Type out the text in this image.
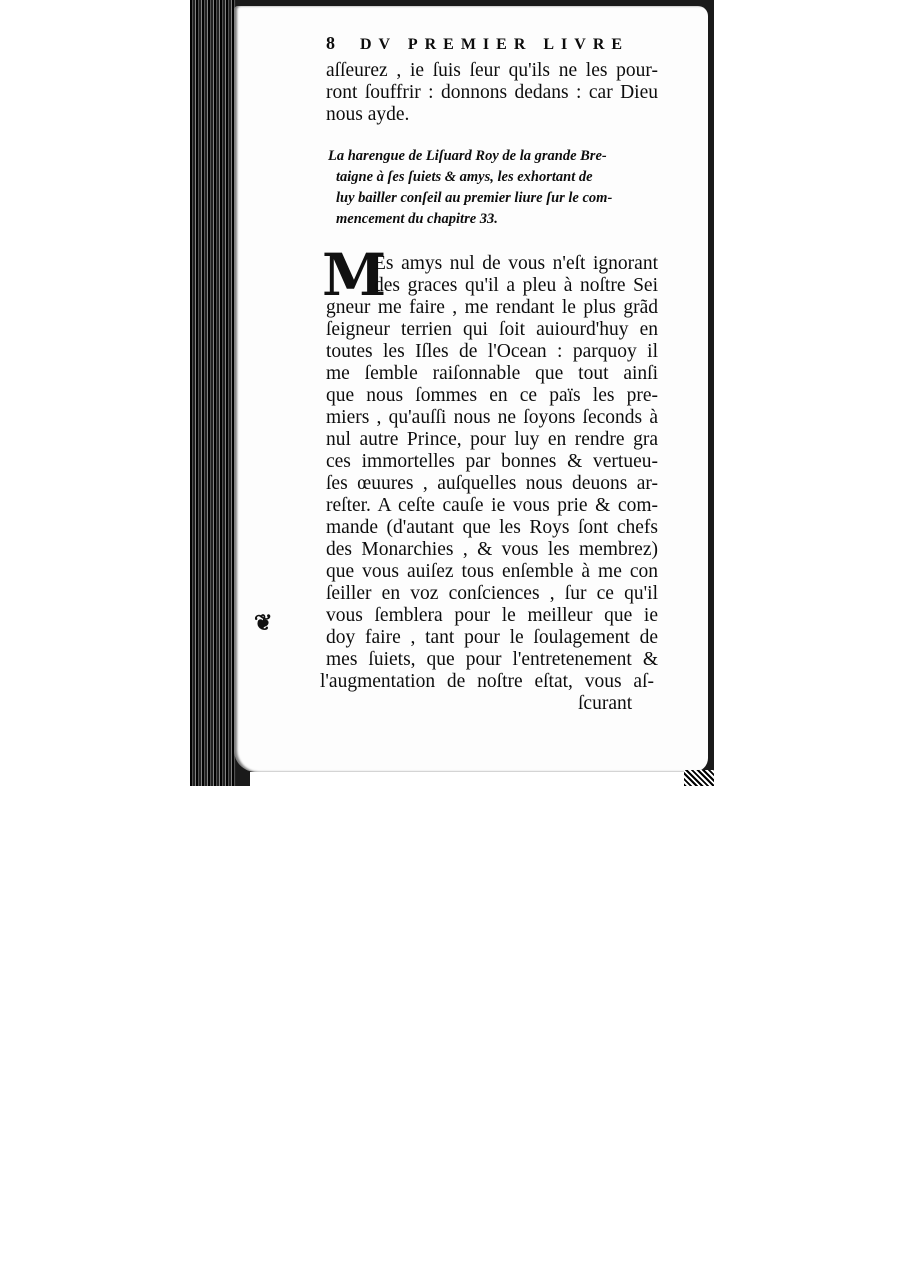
8 DV PREMIER LIVRE
aſſeurez , ie ſuis ſeur qu'ils ne les pour-
ront ſouffrir : donnons dedans : car Dieu
nous ayde.
La harengue de Liſuard Roy de la grande Bre-
taigne à ſes ſuiets & amys, les exhortant de
luy bailler conſeil au premier liure ſur le com-
mencement du chapitre 33.
M
Es amys nul de vous n'eſt ignorant
des graces qu'il a pleu à noſtre Sei
gneur me faire , me rendant le plus grãd
ſeigneur terrien qui ſoit auiourd'huy en
toutes les Iſles de l'Ocean : parquoy il
me ſemble raiſonnable que tout ainſi
que nous ſommes en ce païs les pre-
miers , qu'auſſi nous ne ſoyons ſeconds à
nul autre Prince, pour luy en rendre gra
ces immortelles par bonnes & vertueu-
ſes œuures , auſquelles nous deuons ar-
reſter. A ceſte cauſe ie vous prie & com-
mande (d'autant que les Roys ſont chefs
des Monarchies , & vous les membrez)
que vous auiſez tous enſemble à me con
ſeiller en voz conſciences , ſur ce qu'il
vous ſemblera pour le meilleur que ie
doy faire , tant pour le ſoulagement de
mes ſuiets, que pour l'entretenement &
l'augmentation de noſtre eſtat, vous aſ-
ſcurant
❦
